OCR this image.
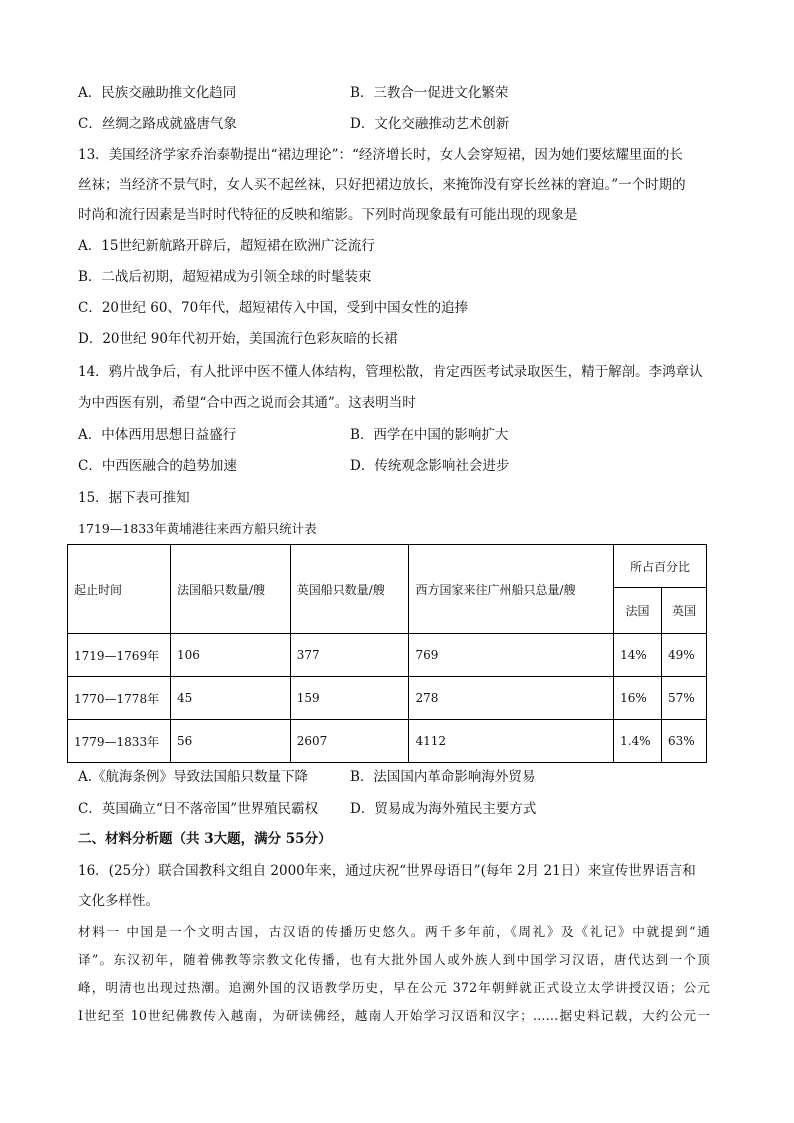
A．民族交融助推文化趋同	B．三教合一促进文化繁荣
C．丝绸之路成就盛唐气象	D．文化交融推动艺术创新
13．美国经济学家乔治泰勒提出“裙边理论”：“经济增长时，女人会穿短裙，因为她们要炫耀里面的长
丝袜；当经济不景气时，女人买不起丝袜，只好把裙边放长，来掩饰没有穿长丝袜的窘迫。”一个时期的
时尚和流行因素是当时时代特征的反映和缩影。下列时尚现象最有可能出现的现象是
A．15世纪新航路开辟后，超短裙在欧洲广泛流行
B．二战后初期，超短裙成为引领全球的时髦装束
C．20世纪 60、70年代，超短裙传入中国，受到中国女性的追捧
D．20世纪 90年代初开始，美国流行色彩灰暗的长裙
14．鸦片战争后，有人批评中医不懂人体结构，管理松散，肯定西医考试录取医生，精于解剖。李鸿章认
为中西医有别，希望“合中西之说而会其通”。这表明当时
A．中体西用思想日益盛行	B．西学在中国的影响扩大
C．中西医融合的趋势加速	D．传统观念影响社会进步
15．据下表可推知
1719—1833年黄埔港往来西方船只统计表
起止时间	法国船只数量/艘	英国船只数量/艘	西方国家来往广州船只总量/艘	所占百分比	
				法国	英国
1719—1769年	106	377	769	14%	49%
1770—1778年	45	159	278	16%	57%
1779—1833年	56	2607	4112	1.4%	63%
A.《航海条例》导致法国船只数量下降	B．法国国内革命影响海外贸易
C．英国确立“日不落帝国”世界殖民霸权 D．贸易成为海外殖民主要方式
二、材料分析题（共 3大题，满分 55分）
16．(25分）联合国教科文组自 2000年来，通过庆祝“世界母语日”(每年 2月 21日）来宣传世界语言和
文化多样性。
材料一 中国是一个文明古国，古汉语的传播历史悠久。两千多年前，《周礼》及《礼记》中就提到“通
译”。东汉初年，随着佛教等宗教文化传播，也有大批外国人或外族人到中国学习汉语，唐代达到一个顶
峰，明清也出现过热潮。追溯外国的汉语教学历史，早在公元 372年朝鲜就正式设立太学讲授汉语；公元
Ⅰ世纪至 10世纪佛教传入越南，为研读佛经，越南人开始学习汉语和汉字；……据史料记载，大约公元一
